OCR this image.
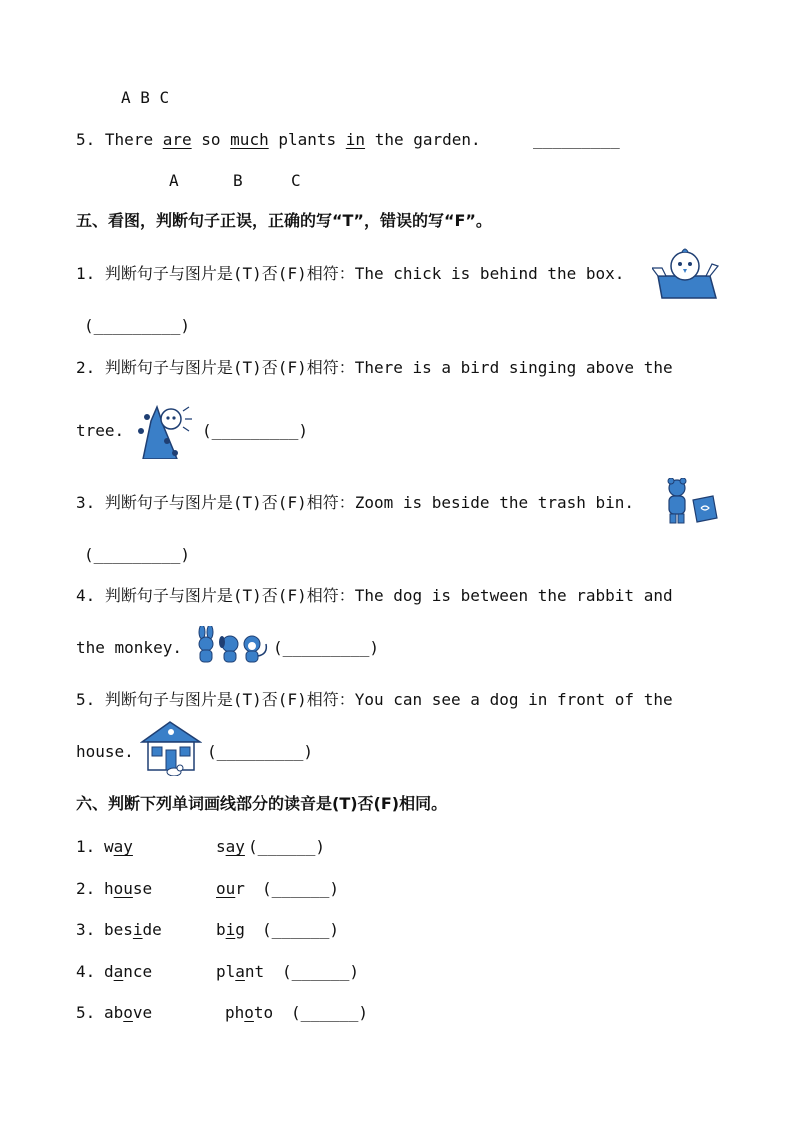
A B C
5. There are so much plants in the garden.	_________
A	B	C
五、看图，判断句子正误，正确的写“T”，错误的写“F”。
1. 判断句子与图片是(T)否(F)相符：The chick is behind the box.
(_________)
2. 判断句子与图片是(T)否(F)相符：There is a bird singing above the
tree.	(_________)
3. 判断句子与图片是(T)否(F)相符：Zoom is beside the trash bin.
(_________)
4. 判断句子与图片是(T)否(F)相符：The dog is between the rabbit and
the monkey.	(_________)
5. 判断句子与图片是(T)否(F)相符：You can see a dog in front of the
house.	(_________)
六、判断下列单词画线部分的读音是(T)否(F)相同。
1. way	say (______)
2. house	our (______)
3. beside	big (______)
4. dance	plant (______)
5. above	photo (______)
